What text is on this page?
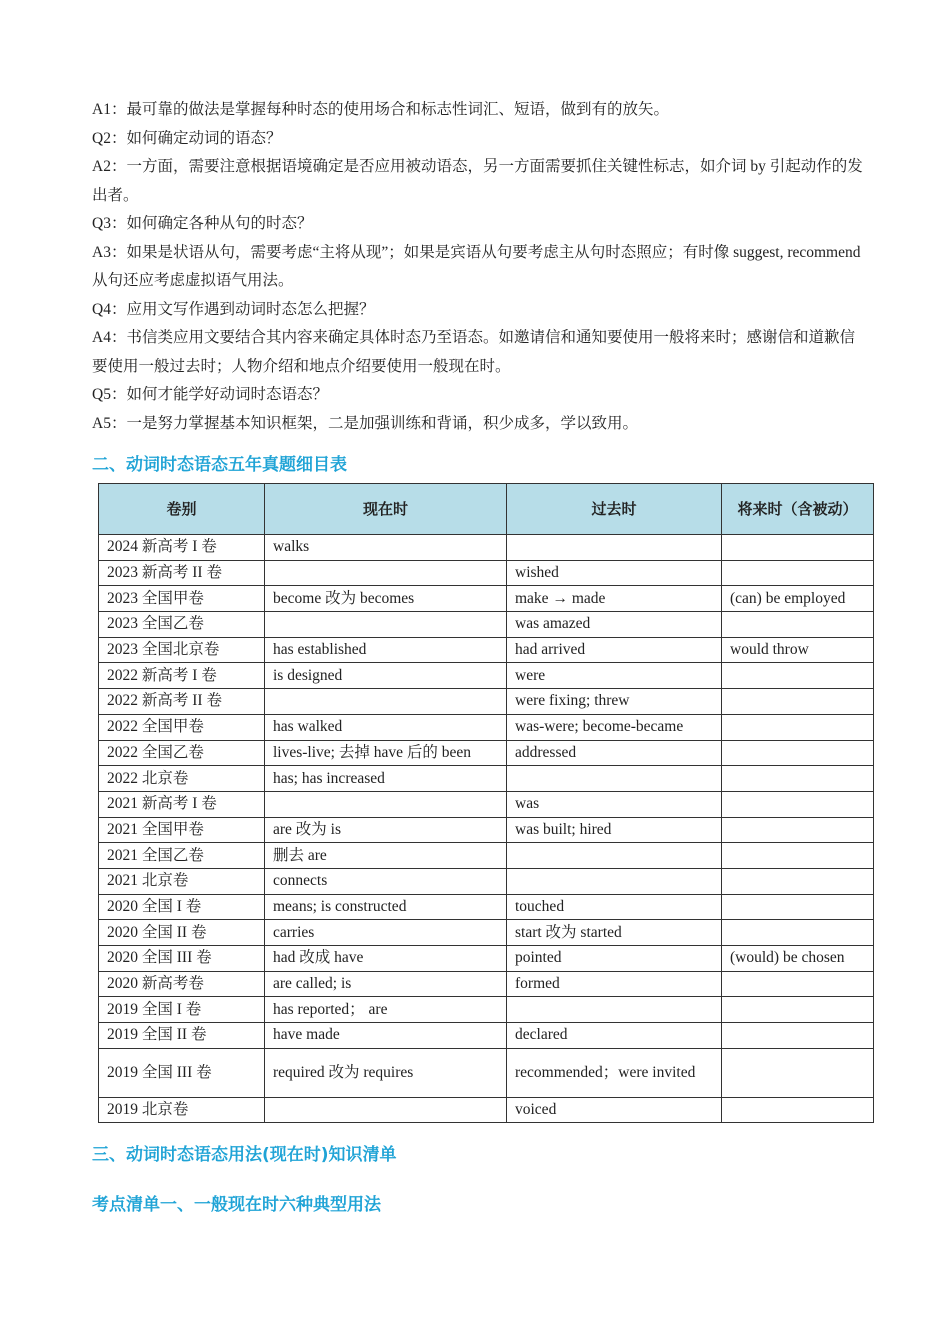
A1：最可靠的做法是掌握每种时态的使用场合和标志性词汇、短语，做到有的放矢。

Q2：如何确定动词的语态？

A2：一方面，需要注意根据语境确定是否应用被动语态，另一方面需要抓住关键性标志，如介词 by 引起动作的发出者。

Q3：如何确定各种从句的时态？

A3：如果是状语从句，需要考虑“主将从现”；如果是宾语从句要考虑主从句时态照应；有时像 suggest, recommend 从句还应考虑虚拟语气用法。

Q4：应用文写作遇到动词时态怎么把握？

A4：书信类应用文要结合其内容来确定具体时态乃至语态。如邀请信和通知要使用一般将来时；感谢信和道歉信要使用一般过去时；人物介绍和地点介绍要使用一般现在时。

Q5：如何才能学好动词时态语态？

A5：一是努力掌握基本知识框架，二是加强训练和背诵，积少成多，学以致用。

二、动词时态语态五年真题细目表
卷别	现在时	过去时	将来时（含被动）
2024 新高考 I 卷	walks		
2023 新高考 II 卷		wished	
2023 全国甲卷	become 改为 becomes	make → made	(can) be employed
2023 全国乙卷		was amazed	
2023 全国北京卷	has established	had arrived	would throw
2022 新高考 I 卷	is designed	were	
2022 新高考 II 卷		were fixing; threw	
2022 全国甲卷	has walked	was-were; become-became	
2022 全国乙卷	lives-live; 去掉 have 后的 been	addressed	
2022 北京卷	has; has increased		
2021 新高考 I 卷		was	
2021 全国甲卷	are 改为 is	was built; hired	
2021 全国乙卷	删去 are		
2021 北京卷	connects		
2020 全国 I 卷	means; is constructed	touched	
2020 全国 II 卷	carries	start 改为 started	
2020 全国 III 卷	had 改成 have	pointed	(would) be chosen
2020 新高考卷	are called; is	formed	
2019 全国 I 卷	has reported； are		
2019 全国 II 卷	have made	declared	
2019 全国 III 卷	required 改为 requires	recommended；were invited	
2019 北京卷		voiced	
三、动词时态语态用法(现在时)知识清单
考点清单一、一般现在时六种典型用法
